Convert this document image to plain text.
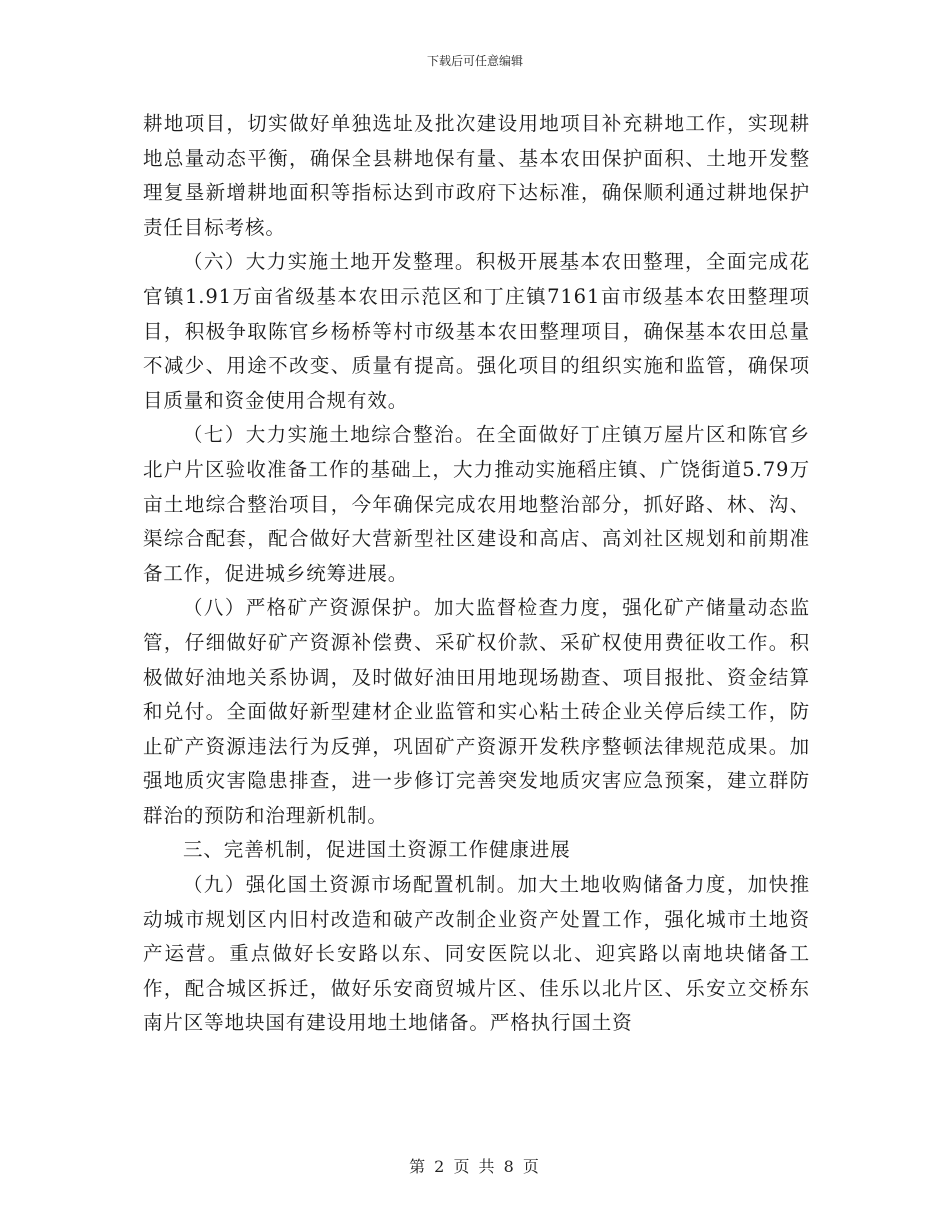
下载后可任意编辑

耕地项目，切实做好单独选址及批次建设用地项目补充耕地工作，实现耕地总量动态平衡，确保全县耕地保有量、基本农田保护面积、土地开发整理复垦新增耕地面积等指标达到市政府下达标准，确保顺利通过耕地保护责任目标考核。

（六）大力实施土地开发整理。积极开展基本农田整理，全面完成花官镇1.91万亩省级基本农田示范区和丁庄镇7161亩市级基本农田整理项目，积极争取陈官乡杨桥等村市级基本农田整理项目，确保基本农田总量不减少、用途不改变、质量有提高。强化项目的组织实施和监管，确保项目质量和资金使用合规有效。

（七）大力实施土地综合整治。在全面做好丁庄镇万屋片区和陈官乡北户片区验收准备工作的基础上，大力推动实施稻庄镇、广饶街道5.79万亩土地综合整治项目，今年确保完成农用地整治部分，抓好路、林、沟、渠综合配套，配合做好大营新型社区建设和高店、高刘社区规划和前期准备工作，促进城乡统筹进展。

（八）严格矿产资源保护。加大监督检查力度，强化矿产储量动态监管，仔细做好矿产资源补偿费、采矿权价款、采矿权使用费征收工作。积极做好油地关系协调，及时做好油田用地现场勘查、项目报批、资金结算和兑付。全面做好新型建材企业监管和实心粘土砖企业关停后续工作，防止矿产资源违法行为反弹，巩固矿产资源开发秩序整顿法律规范成果。加强地质灾害隐患排查，进一步修订完善突发地质灾害应急预案，建立群防群治的预防和治理新机制。

三、完善机制，促进国土资源工作健康进展

（九）强化国土资源市场配置机制。加大土地收购储备力度，加快推动城市规划区内旧村改造和破产改制企业资产处置工作，强化城市土地资产运营。重点做好长安路以东、同安医院以北、迎宾路以南地块储备工作，配合城区拆迁，做好乐安商贸城片区、佳乐以北片区、乐安立交桥东南片区等地块国有建设用地土地储备。严格执行国土资

第 2 页 共 8 页
